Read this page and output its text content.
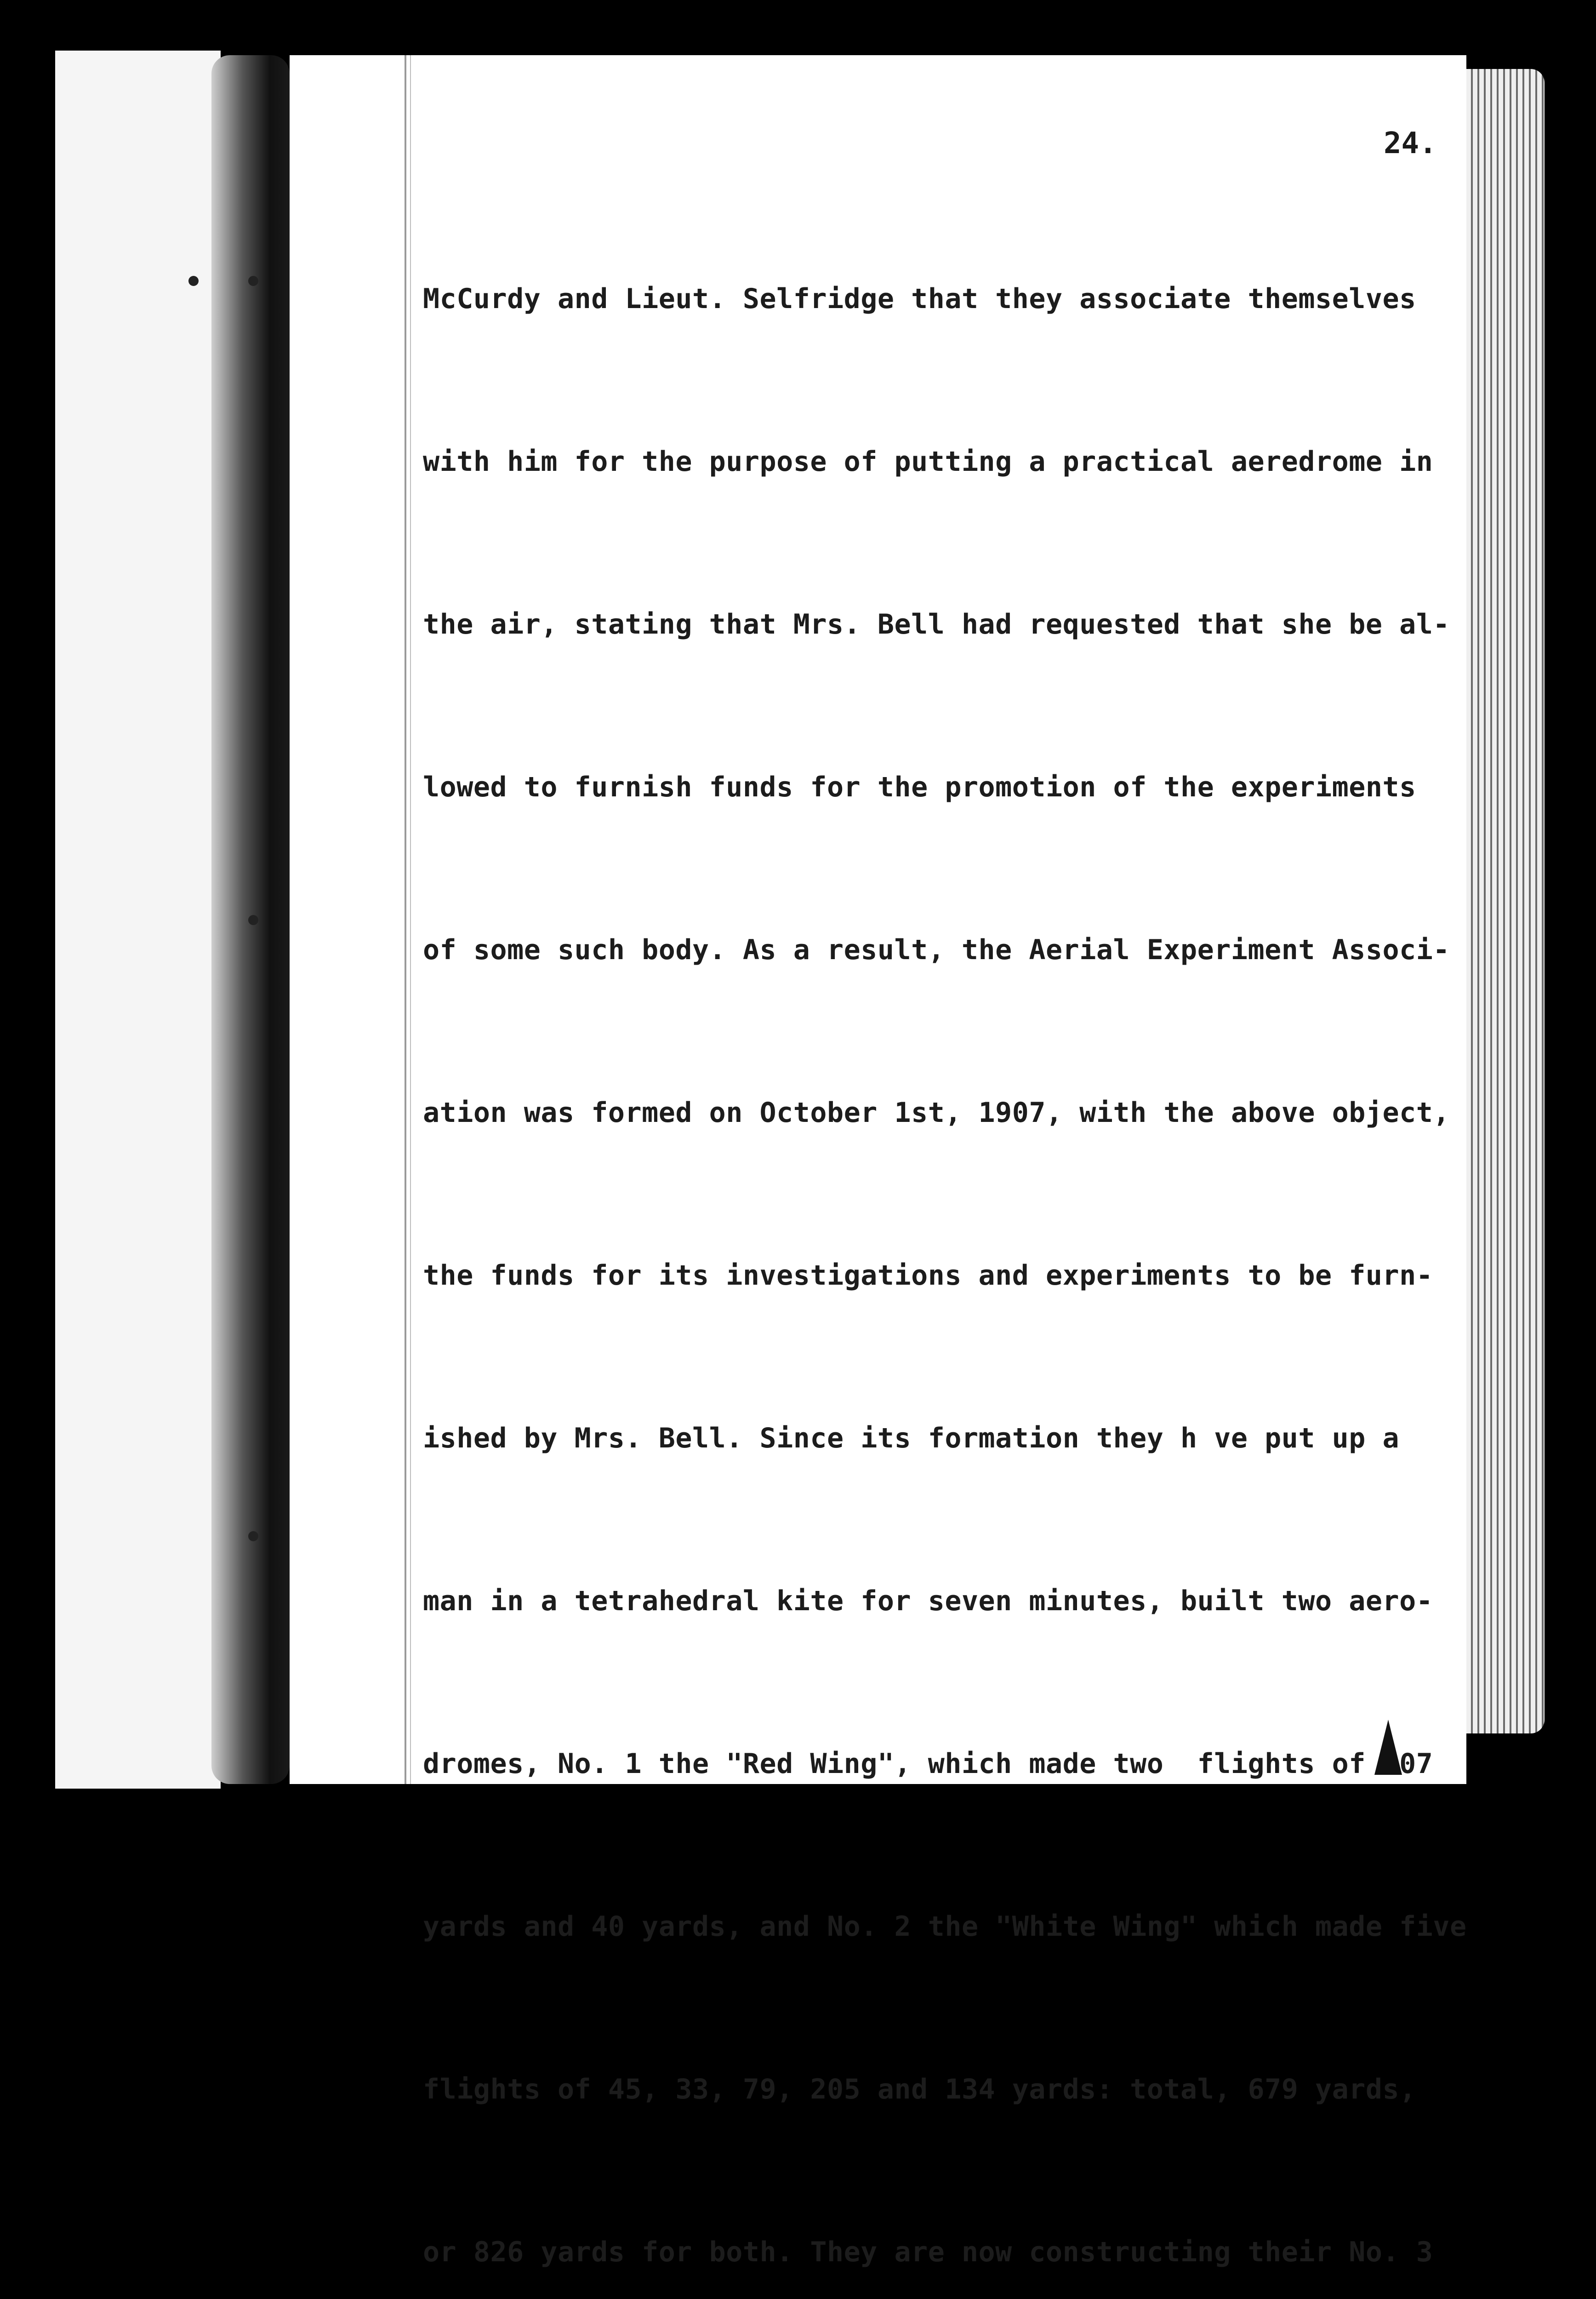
24.

McCurdy and Lieut. Selfridge that they associate themselves

with him for the purpose of putting a practical aeredrome in

the air, stating that Mrs. Bell had requested that she be al-

lowed to furnish funds for the promotion of the experiments

of some such body. As a result, the Aerial Experiment Associ-

ation was formed on October 1st, 1907, with the above object,

the funds for its investigations and experiments to be furn-

ished by Mrs. Bell. Since its formation they h ve put up a

man in a tetrahedral kite for seven minutes, built two aero-

dromes, No. 1 the "Red Wing", which made two  flights of 107

yards and 40 yards, and No. 2 the "White Wing" which made five

flights of 45, 33, 79, 205 and 134 yards: total, 679 yards,

or 826 yards for both. They are now constructing their No. 3
